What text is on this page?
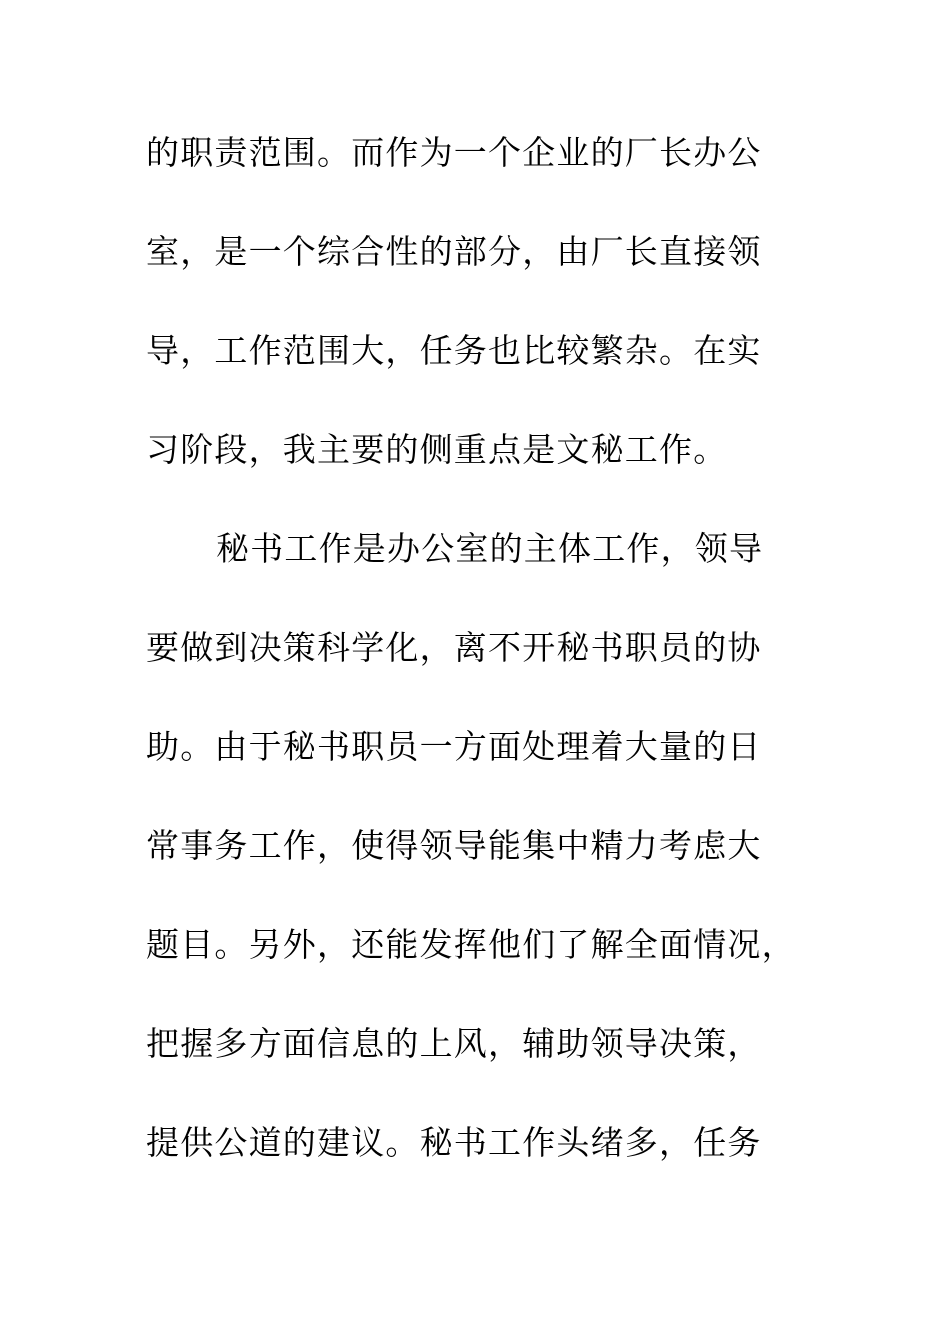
的职责范围。而作为一个企业的厂长办公
室，是一个综合性的部分，由厂长直接领
导，工作范围大，任务也比较繁杂。在实
习阶段，我主要的侧重点是文秘工作。
秘书工作是办公室的主体工作，领导
要做到决策科学化，离不开秘书职员的协
助。由于秘书职员一方面处理着大量的日
常事务工作，使得领导能集中精力考虑大
题目。另外，还能发挥他们了解全面情况，
把握多方面信息的上风，辅助领导决策，
提供公道的建议。秘书工作头绪多，任务
